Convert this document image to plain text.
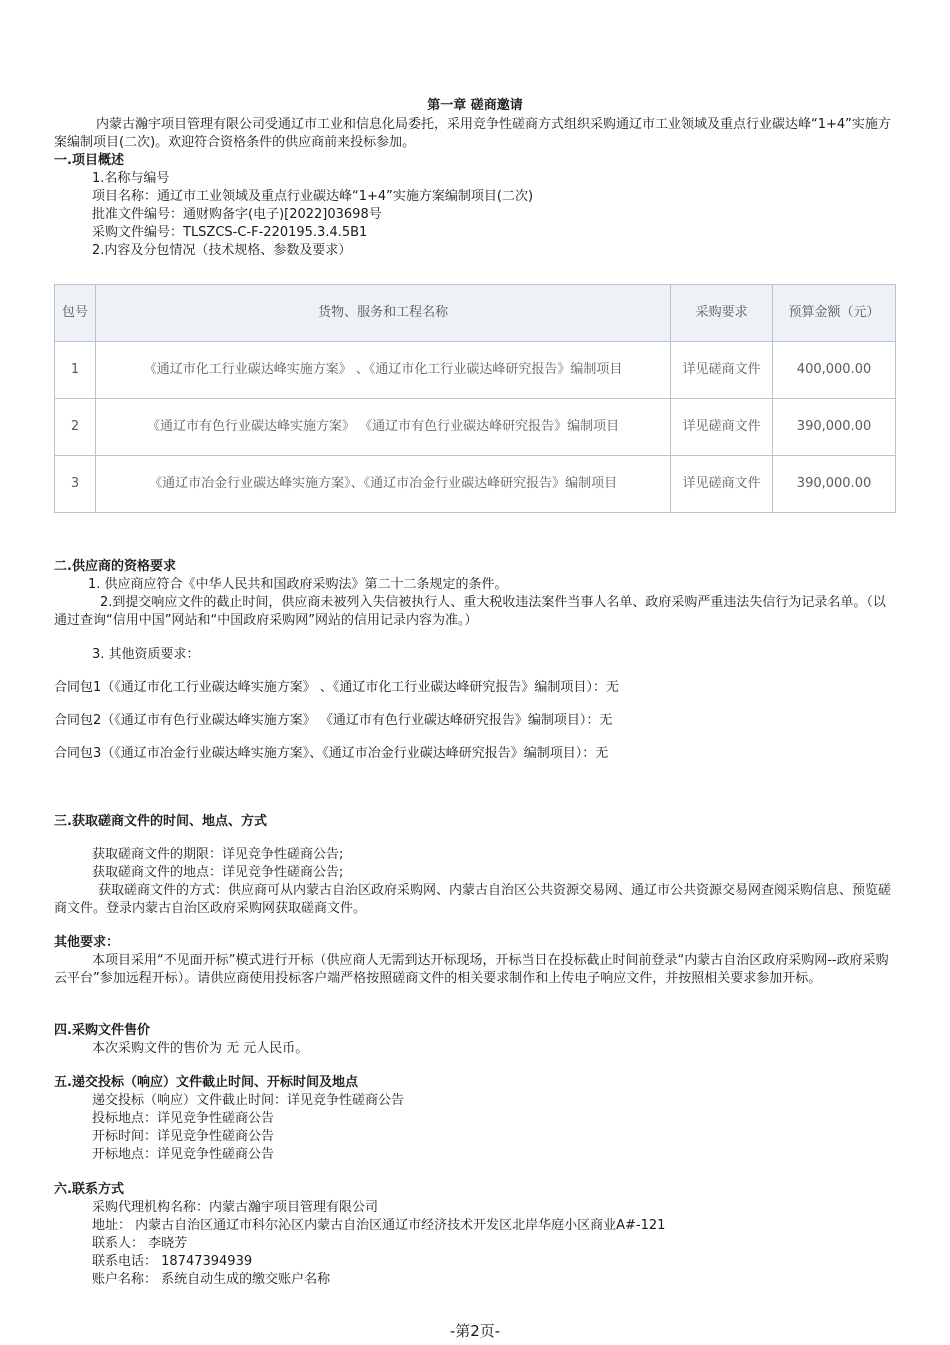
第一章 磋商邀请
内蒙古瀚宇项目管理有限公司受通辽市工业和信息化局委托，采用竞争性磋商方式组织采购通辽市工业领域及重点行业碳达峰“1+4”实施方案编制项目(二次)。欢迎符合资格条件的供应商前来投标参加。
一.项目概述
1.名称与编号
项目名称：通辽市工业领域及重点行业碳达峰“1+4”实施方案编制项目(二次)
批准文件编号：通财购备字(电子)[2022]03698号
采购文件编号：TLSZCS-C-F-220195.3.4.5B1
2.内容及分包情况（技术规格、参数及要求）
包号	货物、服务和工程名称	采购要求	预算金额（元）
1	《通辽市化工行业碳达峰实施方案》 、《通辽市化工行业碳达峰研究报告》编制项目	详见磋商文件	400,000.00
2	《通辽市有色行业碳达峰实施方案》 《通辽市有色行业碳达峰研究报告》编制项目	详见磋商文件	390,000.00
3	《通辽市冶金行业碳达峰实施方案》、《通辽市冶金行业碳达峰研究报告》编制项目	详见磋商文件	390,000.00
二.供应商的资格要求
1. 供应商应符合《中华人民共和国政府采购法》第二十二条规定的条件。
2.到提交响应文件的截止时间，供应商未被列入失信被执行人、重大税收违法案件当事人名单、政府采购严重违法失信行为记录名单。（以通过查询“信用中国”网站和“中国政府采购网”网站的信用记录内容为准。）
3. 其他资质要求：
合同包1（《通辽市化工行业碳达峰实施方案》 、《通辽市化工行业碳达峰研究报告》编制项目）：无
合同包2（《通辽市有色行业碳达峰实施方案》 《通辽市有色行业碳达峰研究报告》编制项目）：无
合同包3（《通辽市冶金行业碳达峰实施方案》、《通辽市冶金行业碳达峰研究报告》编制项目）：无
三.获取磋商文件的时间、地点、方式
获取磋商文件的期限：详见竞争性磋商公告;
获取磋商文件的地点：详见竞争性磋商公告;
获取磋商文件的方式：供应商可从内蒙古自治区政府采购网、内蒙古自治区公共资源交易网、通辽市公共资源交易网查阅采购信息、预览磋商文件。登录内蒙古自治区政府采购网获取磋商文件。
其他要求：
本项目采用“不见面开标”模式进行开标（供应商人无需到达开标现场，开标当日在投标截止时间前登录“内蒙古自治区政府采购网--政府采购云平台”参加远程开标）。请供应商使用投标客户端严格按照磋商文件的相关要求制作和上传电子响应文件，并按照相关要求参加开标。
四.采购文件售价
本次采购文件的售价为 无 元人民币。
五.递交投标（响应）文件截止时间、开标时间及地点
递交投标（响应）文件截止时间：详见竞争性磋商公告
投标地点：详见竞争性磋商公告
开标时间：详见竞争性磋商公告
开标地点：详见竞争性磋商公告
六.联系方式
采购代理机构名称：内蒙古瀚宇项目管理有限公司
地址： 内蒙古自治区通辽市科尔沁区内蒙古自治区通辽市经济技术开发区北岸华庭小区商业A#-121
联系人： 李晓芳
联系电话： 18747394939
账户名称： 系统自动生成的缴交账户名称
-第2页-
